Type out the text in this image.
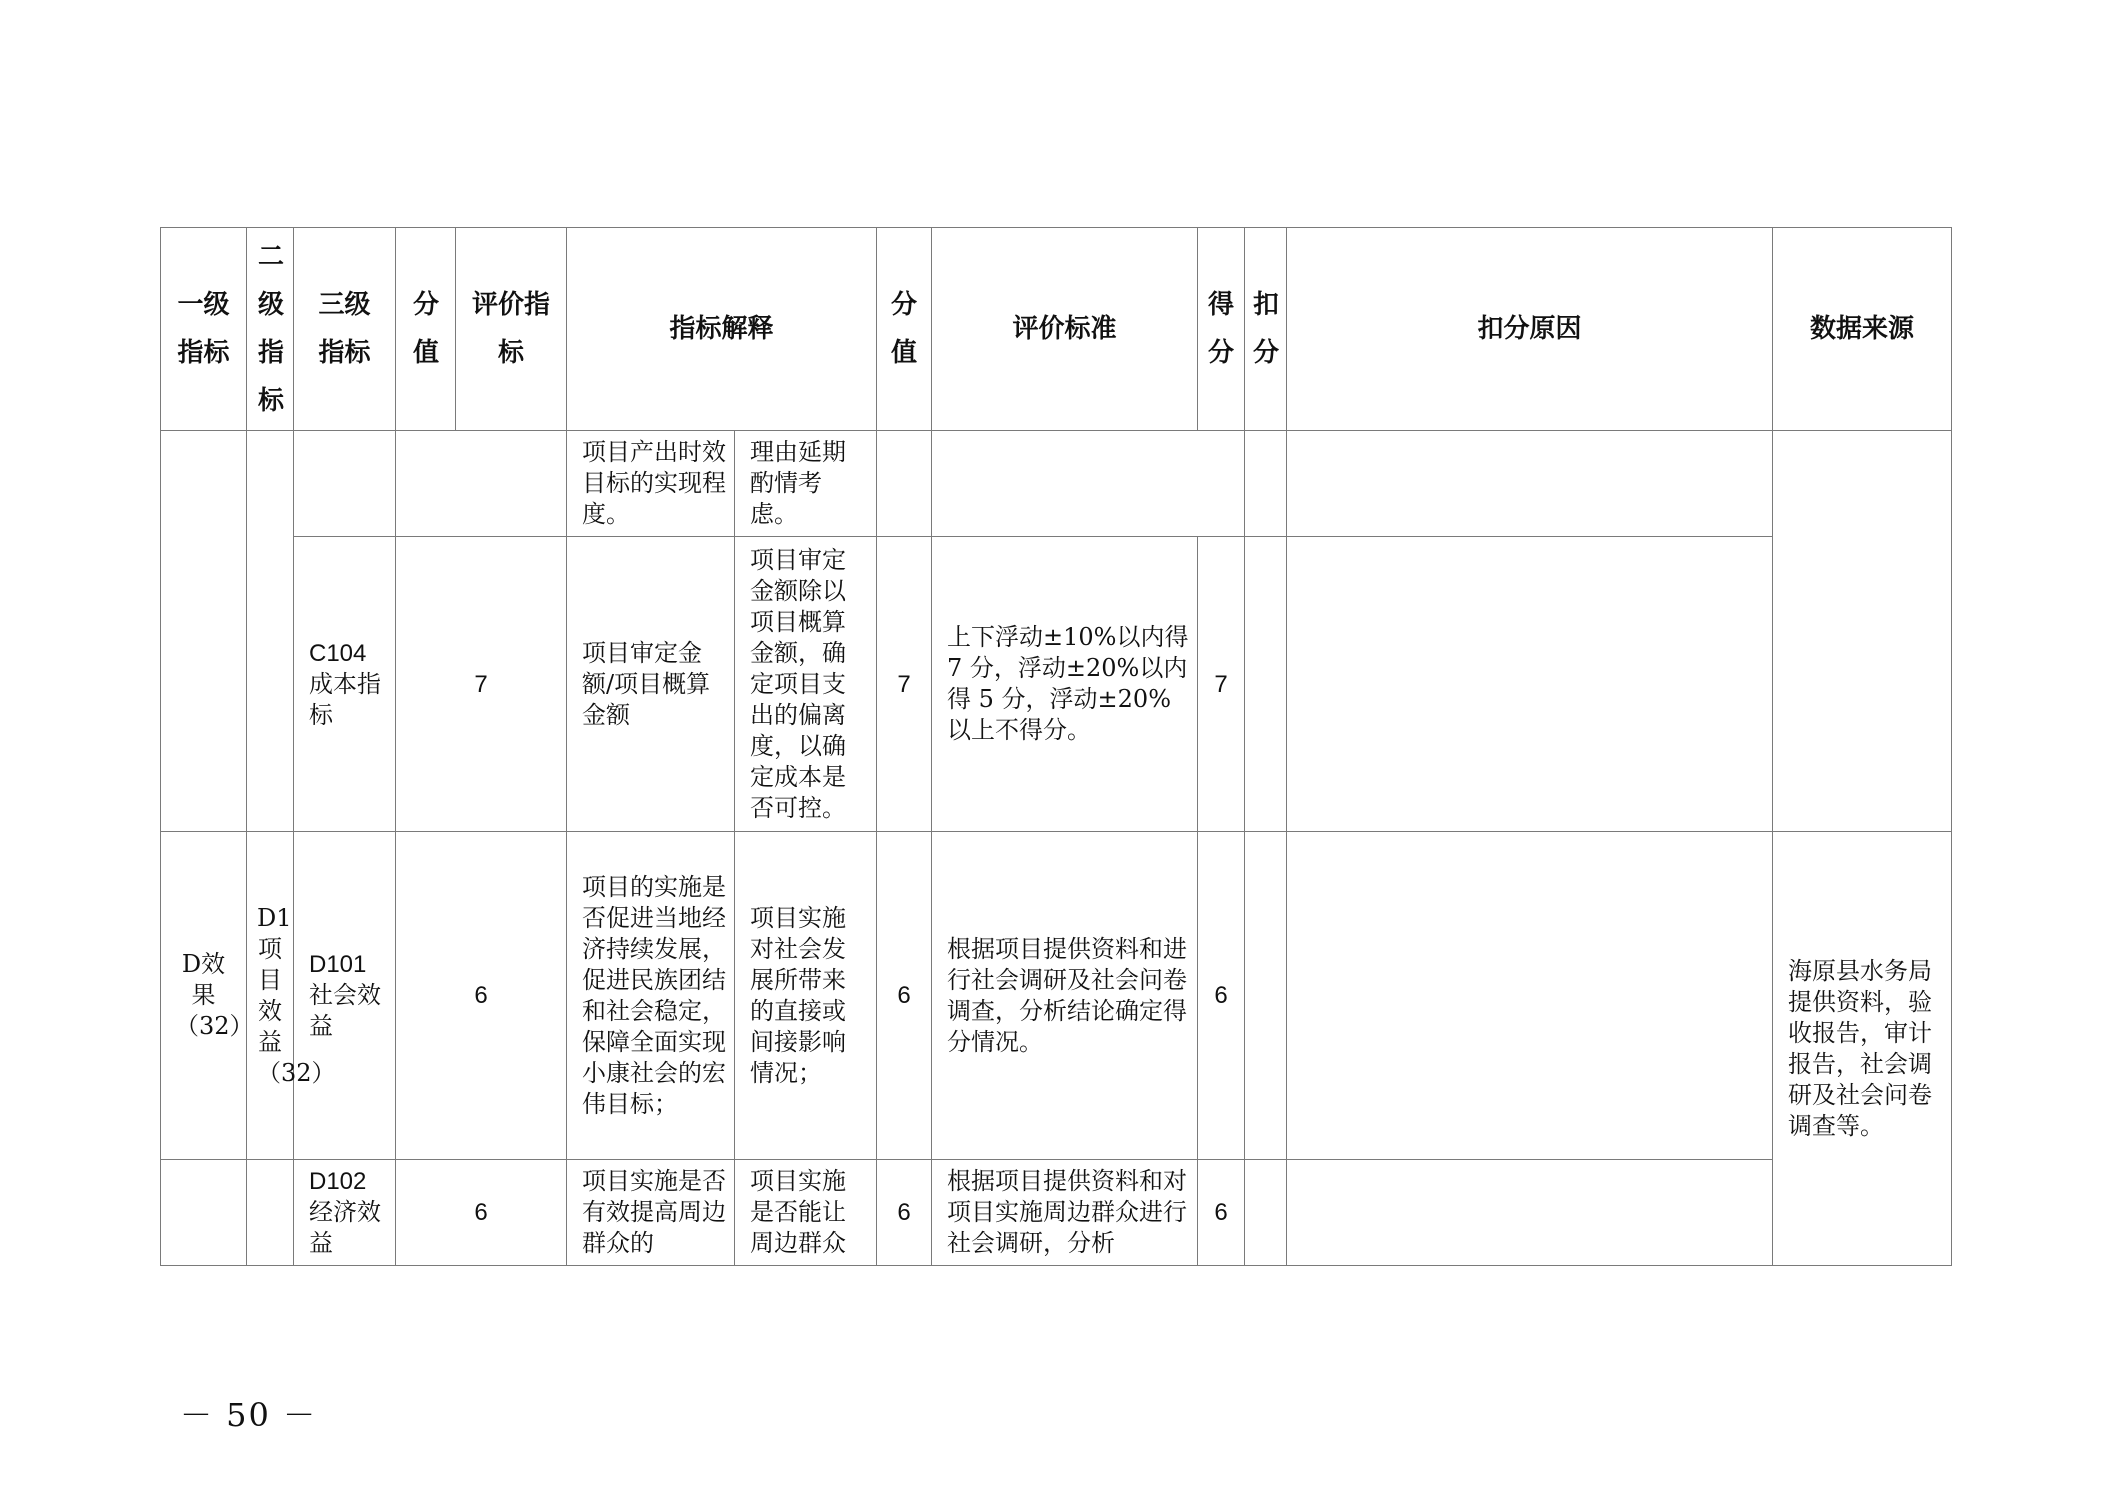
一级指标	二级指标	三级指标	分值	评价指标	指标解释		分值	评价标准	得分	扣分	扣分原因	数据来源	
					项目产出时效目标的实现程度。	理由延期酌情考虑。							
		C104成本指标	7		项目审定金额/项目概算金额	项目审定金额除以项目概算金额，确定项目支出的偏离度，以确定成本是否可控。	7	上下浮动±10%以内得 7 分，浮动±20%以内得 5 分，浮动±20%以上不得分。	7				
D效果（32）	D1项目效益（32）	D101社会效益	6		项目的实施是否促进当地经济持续发展，促进民族团结和社会稳定，保障全面实现小康社会的宏伟目标；	项目实施对社会发展所带来的直接或间接影响情况；	6	根据项目提供资料和进行社会调研及社会问卷调查，分析结论确定得分情况。	6			海原县水务局提供资料，验收报告，审计报告，社会调研及社会问卷调查等。	
		D102经济效益	6		项目实施是否有效提高周边群众的	项目实施是否能让周边群众	6	根据项目提供资料和对项目实施周边群众进行社会调研，分析	6				
－ 50 －
